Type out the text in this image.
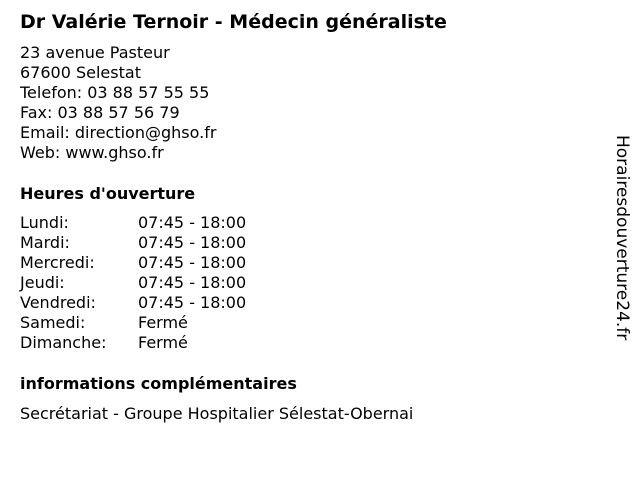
Dr Valérie Ternoir - Médecin généraliste
23 avenue Pasteur
67600 Selestat
Telefon: 03 88 57 55 55
Fax: 03 88 57 56 79
Email: direction@ghso.fr
Web: www.ghso.fr
Heures d'ouverture
Lundi:	07:45 - 18:00
Mardi:	07:45 - 18:00
Mercredi:	07:45 - 18:00
Jeudi:	07:45 - 18:00
Vendredi:	07:45 - 18:00
Samedi:	Fermé
Dimanche:	Fermé
informations complémentaires
Secrétariat - Groupe Hospitalier Sélestat-Obernai
Horairesdouverture24.fr
